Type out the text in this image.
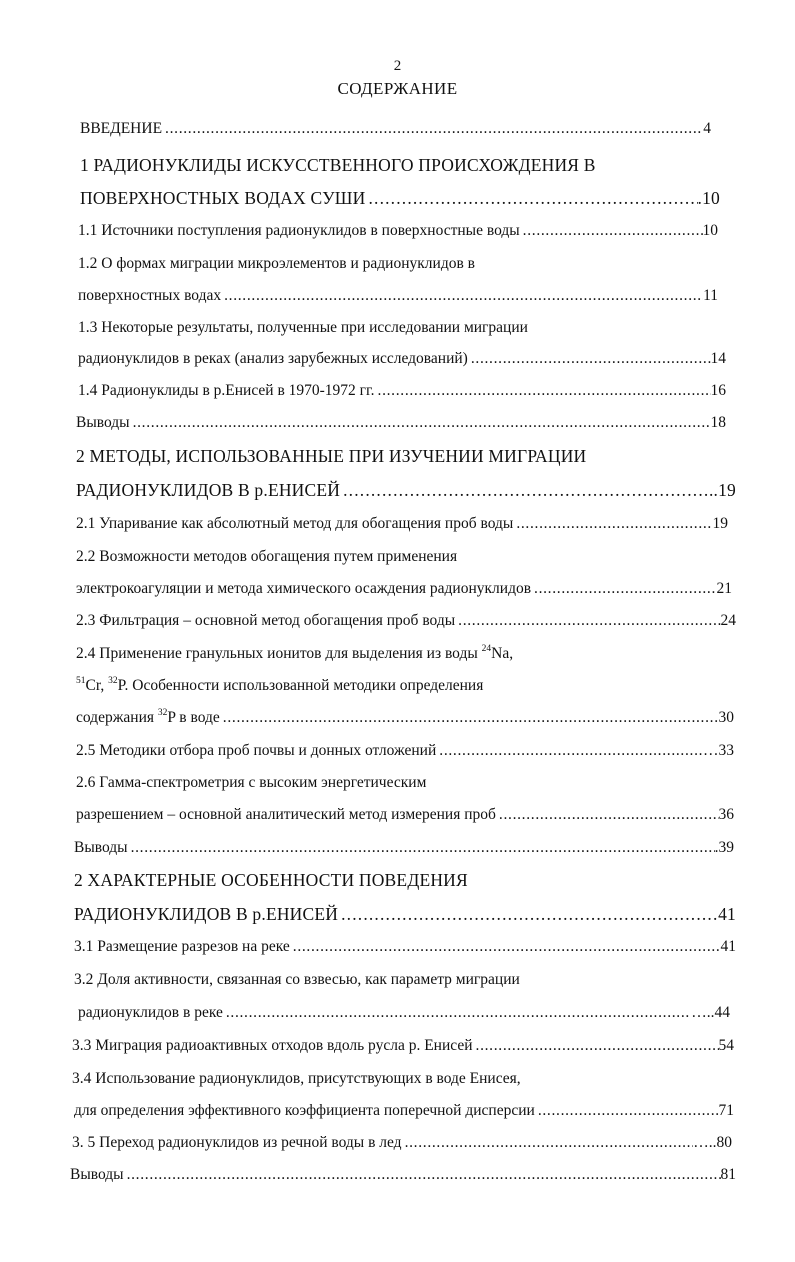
2
СОДЕРЖАНИЕ
ВВЕДЕНИЕ . . .	4
1 РАДИОНУКЛИДЫ ИСКУССТВЕННОГО ПРОИСХОЖДЕНИЯ В
ПОВЕРХНОСТНЫХ ВОДАХ СУШИ . . .	.10
1.1 Источники поступления радионуклидов в поверхностные воды . . .	10
1.2 О формах миграции микроэлементов и радионуклидов в
поверхностных водах . . .	11
1.3 Некоторые результаты, полученные при исследовании миграции
радионуклидов в реках (анализ зарубежных исследований) . . .	14
1.4 Радионуклиды в р.Енисей в 1970-1972 гг. . . .	16
Выводы . . .	18
2 МЕТОДЫ, ИСПОЛЬЗОВАННЫЕ ПРИ ИЗУЧЕНИИ МИГРАЦИИ
РАДИОНУКЛИДОВ В р.ЕНИСЕЙ . . .	..19
2.1 Упаривание как абсолютный метод для обогащения проб воды . . .	19
2.2 Возможности методов обогащения путем применения
электрокоагуляции и метода химического осаждения радионуклидов . . .	21
2.3 Фильтрация – основной метод обогащения проб воды . . .	24
2.4 Применение гранульных ионитов для выделения из воды $^{24}$Na,
$^{51}$Cr, $^{32}$P. Особенности использованной методики определения
содержания $^{32}$P в воде . . .	30
2.5 Методики отбора проб почвы и донных отложений . . .	…33
2.6 Гамма-спектрометрия с высоким энергетическим
разрешением – основной аналитический метод измерения проб . . .	36
Выводы . . .	.39
2 ХАРАКТЕРНЫЕ ОСОБЕННОСТИ ПОВЕДЕНИЯ
РАДИОНУКЛИДОВ В р.ЕНИСЕЙ . . .	41
3.1 Размещение разрезов на реке . . .	41
3.2 Доля активности, связанная со взвесью, как параметр миграции
радионуклидов в реке . . .	…..44
3.3 Миграция радиоактивных отходов вдоль русла р. Енисей . . .	54
3.4 Использование радионуклидов, присутствующих в воде Енисея,
для определения эффективного коэффициента поперечной дисперсии . . .	71
3. 5 Переход радионуклидов из речной воды в лед . . .	…..80
Выводы . . .	81
